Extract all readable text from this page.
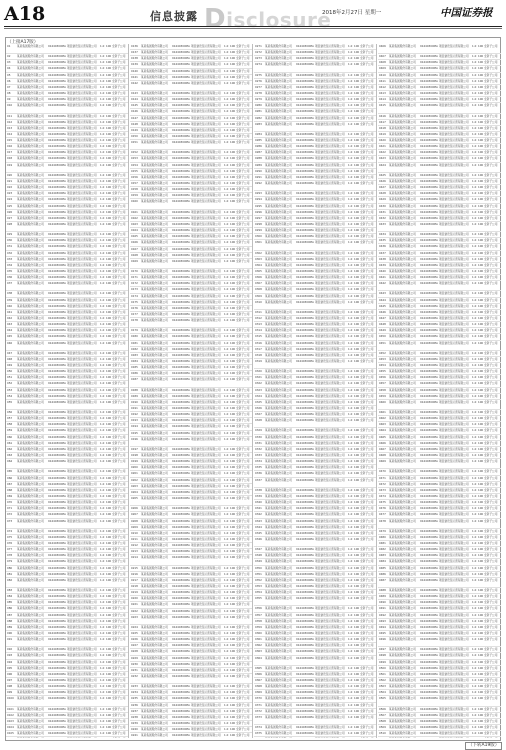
A18	信息披露 Disclosure
2018年2月27日 星期一	中国证券报
（上接A17版）
01	某某集团股份有限公司	91440300MA5 项目建设及运营有限公司	1.0 10 全资子公司
02	某某集团股份有限公司	91440300MA5 项目建设及运营有限公司	1.0 10 全资子公司
03	某某集团股份有限公司	91440300MA5 项目建设及运营有限公司	1.0 10 全资子公司
04	某某集团股份有限公司	91440300MA5 项目建设及运营有限公司	1.0 10 全资子公司
05	某某集团股份有限公司	91440300MA5 项目建设及运营有限公司	1.0 10 全资子公司
06	某某集团股份有限公司	91440300MA5 项目建设及运营有限公司	1.0 10 全资子公司
07	某某集团股份有限公司	91440300MA5 项目建设及运营有限公司	1.0 10 全资子公司
08	某某集团股份有限公司	91440300MA5 项目建设及运营有限公司	1.0 10 全资子公司
09	某某集团股份有限公司	91440300MA5 项目建设及运营有限公司	1.0 10 全资子公司
010	某某集团股份有限公司	91440300MA5 项目建设及运营有限公司	1.0 10 全资子公司
011	某某集团股份有限公司	91440300MA5 项目建设及运营有限公司	1.0 10 全资子公司
012	某某集团股份有限公司	91440300MA5 项目建设及运营有限公司	1.0 10 全资子公司
013	某某集团股份有限公司	91440300MA5 项目建设及运营有限公司	1.0 10 全资子公司
014	某某集团股份有限公司	91440300MA5 项目建设及运营有限公司	1.0 10 全资子公司
015	某某集团股份有限公司	91440300MA5 项目建设及运营有限公司	1.0 10 全资子公司
016	某某集团股份有限公司	91440300MA5 项目建设及运营有限公司	1.0 10 全资子公司
017	某某集团股份有限公司	91440300MA5 项目建设及运营有限公司	1.0 10 全资子公司
018	某某集团股份有限公司	91440300MA5 项目建设及运营有限公司	1.0 10 全资子公司
019	某某集团股份有限公司	91440300MA5 项目建设及运营有限公司	1.0 10 全资子公司
020	某某集团股份有限公司	91440300MA5 项目建设及运营有限公司	1.0 10 全资子公司
021	某某集团股份有限公司	91440300MA5 项目建设及运营有限公司	1.0 10 全资子公司
022	某某集团股份有限公司	91440300MA5 项目建设及运营有限公司	1.0 10 全资子公司
023	某某集团股份有限公司	91440300MA5 项目建设及运营有限公司	1.0 10 全资子公司
024	某某集团股份有限公司	91440300MA5 项目建设及运营有限公司	1.0 10 全资子公司
025	某某集团股份有限公司	91440300MA5 项目建设及运营有限公司	1.0 10 全资子公司
026	某某集团股份有限公司	91440300MA5 项目建设及运营有限公司	1.0 10 全资子公司
027	某某集团股份有限公司	91440300MA5 项目建设及运营有限公司	1.0 10 全资子公司
028	某某集团股份有限公司	91440300MA5 项目建设及运营有限公司	1.0 10 全资子公司
029	某某集团股份有限公司	91440300MA5 项目建设及运营有限公司	1.0 10 全资子公司
030	某某集团股份有限公司	91440300MA5 项目建设及运营有限公司	1.0 10 全资子公司
031	某某集团股份有限公司	91440300MA5 项目建设及运营有限公司	1.0 10 全资子公司
032	某某集团股份有限公司	91440300MA5 项目建设及运营有限公司	1.0 10 全资子公司
033	某某集团股份有限公司	91440300MA5 项目建设及运营有限公司	1.0 10 全资子公司
034	某某集团股份有限公司	91440300MA5 项目建设及运营有限公司	1.0 10 全资子公司
035	某某集团股份有限公司	91440300MA5 项目建设及运营有限公司	1.0 10 全资子公司
036	某某集团股份有限公司	91440300MA5 项目建设及运营有限公司	1.0 10 全资子公司
037	某某集团股份有限公司	91440300MA5 项目建设及运营有限公司	1.0 10 全资子公司
038	某某集团股份有限公司	91440300MA5 项目建设及运营有限公司	1.0 10 全资子公司
039	某某集团股份有限公司	91440300MA5 项目建设及运营有限公司	1.0 10 全资子公司
040	某某集团股份有限公司	91440300MA5 项目建设及运营有限公司	1.0 10 全资子公司
041	某某集团股份有限公司	91440300MA5 项目建设及运营有限公司	1.0 10 全资子公司
042	某某集团股份有限公司	91440300MA5 项目建设及运营有限公司	1.0 10 全资子公司
043	某某集团股份有限公司	91440300MA5 项目建设及运营有限公司	1.0 10 全资子公司
044	某某集团股份有限公司	91440300MA5 项目建设及运营有限公司	1.0 10 全资子公司
045	某某集团股份有限公司	91440300MA5 项目建设及运营有限公司	1.0 10 全资子公司
046	某某集团股份有限公司	91440300MA5 项目建设及运营有限公司	1.0 10 全资子公司
047	某某集团股份有限公司	91440300MA5 项目建设及运营有限公司	1.0 10 全资子公司
048	某某集团股份有限公司	91440300MA5 项目建设及运营有限公司	1.0 10 全资子公司
049	某某集团股份有限公司	91440300MA5 项目建设及运营有限公司	1.0 10 全资子公司
050	某某集团股份有限公司	91440300MA5 项目建设及运营有限公司	1.0 10 全资子公司
051	某某集团股份有限公司	91440300MA5 项目建设及运营有限公司	1.0 10 全资子公司
052	某某集团股份有限公司	91440300MA5 项目建设及运营有限公司	1.0 10 全资子公司
053	某某集团股份有限公司	91440300MA5 项目建设及运营有限公司	1.0 10 全资子公司
054	某某集团股份有限公司	91440300MA5 项目建设及运营有限公司	1.0 10 全资子公司
055	某某集团股份有限公司	91440300MA5 项目建设及运营有限公司	1.0 10 全资子公司
056	某某集团股份有限公司	91440300MA5 项目建设及运营有限公司	1.0 10 全资子公司
057	某某集团股份有限公司	91440300MA5 项目建设及运营有限公司	1.0 10 全资子公司
058	某某集团股份有限公司	91440300MA5 项目建设及运营有限公司	1.0 10 全资子公司
059	某某集团股份有限公司	91440300MA5 项目建设及运营有限公司	1.0 10 全资子公司
060	某某集团股份有限公司	91440300MA5 项目建设及运营有限公司	1.0 10 全资子公司
061	某某集团股份有限公司	91440300MA5 项目建设及运营有限公司	1.0 10 全资子公司
062	某某集团股份有限公司	91440300MA5 项目建设及运营有限公司	1.0 10 全资子公司
063	某某集团股份有限公司	91440300MA5 项目建设及运营有限公司	1.0 10 全资子公司
064	某某集团股份有限公司	91440300MA5 项目建设及运营有限公司	1.0 10 全资子公司
065	某某集团股份有限公司	91440300MA5 项目建设及运营有限公司	1.0 10 全资子公司
066	某某集团股份有限公司	91440300MA5 项目建设及运营有限公司	1.0 10 全资子公司
067	某某集团股份有限公司	91440300MA5 项目建设及运营有限公司	1.0 10 全资子公司
068	某某集团股份有限公司	91440300MA5 项目建设及运营有限公司	1.0 10 全资子公司
069	某某集团股份有限公司	91440300MA5 项目建设及运营有限公司	1.0 10 全资子公司
070	某某集团股份有限公司	91440300MA5 项目建设及运营有限公司	1.0 10 全资子公司
071	某某集团股份有限公司	91440300MA5 项目建设及运营有限公司	1.0 10 全资子公司
072	某某集团股份有限公司	91440300MA5 项目建设及运营有限公司	1.0 10 全资子公司
073	某某集团股份有限公司	91440300MA5 项目建设及运营有限公司	1.0 10 全资子公司
074	某某集团股份有限公司	91440300MA5 项目建设及运营有限公司	1.0 10 全资子公司
075	某某集团股份有限公司	91440300MA5 项目建设及运营有限公司	1.0 10 全资子公司
076	某某集团股份有限公司	91440300MA5 项目建设及运营有限公司	1.0 10 全资子公司
077	某某集团股份有限公司	91440300MA5 项目建设及运营有限公司	1.0 10 全资子公司
078	某某集团股份有限公司	91440300MA5 项目建设及运营有限公司	1.0 10 全资子公司
079	某某集团股份有限公司	91440300MA5 项目建设及运营有限公司	1.0 10 全资子公司
080	某某集团股份有限公司	91440300MA5 项目建设及运营有限公司	1.0 10 全资子公司
081	某某集团股份有限公司	91440300MA5 项目建设及运营有限公司	1.0 10 全资子公司
082	某某集团股份有限公司	91440300MA5 项目建设及运营有限公司	1.0 10 全资子公司
083	某某集团股份有限公司	91440300MA5 项目建设及运营有限公司	1.0 10 全资子公司
084	某某集团股份有限公司	91440300MA5 项目建设及运营有限公司	1.0 10 全资子公司
085	某某集团股份有限公司	91440300MA5 项目建设及运营有限公司	1.0 10 全资子公司
086	某某集团股份有限公司	91440300MA5 项目建设及运营有限公司	1.0 10 全资子公司
087	某某集团股份有限公司	91440300MA5 项目建设及运营有限公司	1.0 10 全资子公司
088	某某集团股份有限公司	91440300MA5 项目建设及运营有限公司	1.0 10 全资子公司
089	某某集团股份有限公司	91440300MA5 项目建设及运营有限公司	1.0 10 全资子公司
090	某某集团股份有限公司	91440300MA5 项目建设及运营有限公司	1.0 10 全资子公司
091	某某集团股份有限公司	91440300MA5 项目建设及运营有限公司	1.0 10 全资子公司
092	某某集团股份有限公司	91440300MA5 项目建设及运营有限公司	1.0 10 全资子公司
093	某某集团股份有限公司	91440300MA5 项目建设及运营有限公司	1.0 10 全资子公司
094	某某集团股份有限公司	91440300MA5 项目建设及运营有限公司	1.0 10 全资子公司
095	某某集团股份有限公司	91440300MA5 项目建设及运营有限公司	1.0 10 全资子公司
096	某某集团股份有限公司	91440300MA5 项目建设及运营有限公司	1.0 10 全资子公司
097	某某集团股份有限公司	91440300MA5 项目建设及运营有限公司	1.0 10 全资子公司
098	某某集团股份有限公司	91440300MA5 项目建设及运营有限公司	1.0 10 全资子公司
099	某某集团股份有限公司	91440300MA5 项目建设及运营有限公司	1.0 10 全资子公司
0100	某某集团股份有限公司	91440300MA5 项目建设及运营有限公司	1.0 10 全资子公司
0101	某某集团股份有限公司	91440300MA5 项目建设及运营有限公司	1.0 10 全资子公司
0102	某某集团股份有限公司	91440300MA5 项目建设及运营有限公司	1.0 10 全资子公司
0103	某某集团股份有限公司	91440300MA5 项目建设及运营有限公司	1.0 10 全资子公司
0104	某某集团股份有限公司	91440300MA5 项目建设及运营有限公司	1.0 10 全资子公司
0105	某某集团股份有限公司	91440300MA5 项目建设及运营有限公司	1.0 10 全资子公司
0136	某某集团股份有限公司	91440300MA5 项目建设及运营有限公司	1.0 10 全资子公司
0137	某某集团股份有限公司	91440300MA5 项目建设及运营有限公司	1.0 10 全资子公司
0138	某某集团股份有限公司	91440300MA5 项目建设及运营有限公司	1.0 10 全资子公司
0139	某某集团股份有限公司	91440300MA5 项目建设及运营有限公司	1.0 10 全资子公司
0140	某某集团股份有限公司	91440300MA5 项目建设及运营有限公司	1.0 10 全资子公司
0141	某某集团股份有限公司	91440300MA5 项目建设及运营有限公司	1.0 10 全资子公司
0142	某某集团股份有限公司	91440300MA5 项目建设及运营有限公司	1.0 10 全资子公司
0143	某某集团股份有限公司	91440300MA5 项目建设及运营有限公司	1.0 10 全资子公司
0144	某某集团股份有限公司	91440300MA5 项目建设及运营有限公司	1.0 10 全资子公司
0145	某某集团股份有限公司	91440300MA5 项目建设及运营有限公司	1.0 10 全资子公司
0146	某某集团股份有限公司	91440300MA5 项目建设及运营有限公司	1.0 10 全资子公司
0147	某某集团股份有限公司	91440300MA5 项目建设及运营有限公司	1.0 10 全资子公司
0148	某某集团股份有限公司	91440300MA5 项目建设及运营有限公司	1.0 10 全资子公司
0149	某某集团股份有限公司	91440300MA5 项目建设及运营有限公司	1.0 10 全资子公司
0150	某某集团股份有限公司	91440300MA5 项目建设及运营有限公司	1.0 10 全资子公司
0151	某某集团股份有限公司	91440300MA5 项目建设及运营有限公司	1.0 10 全资子公司
0152	某某集团股份有限公司	91440300MA5 项目建设及运营有限公司	1.0 10 全资子公司
0153	某某集团股份有限公司	91440300MA5 项目建设及运营有限公司	1.0 10 全资子公司
0154	某某集团股份有限公司	91440300MA5 项目建设及运营有限公司	1.0 10 全资子公司
0155	某某集团股份有限公司	91440300MA5 项目建设及运营有限公司	1.0 10 全资子公司
0156	某某集团股份有限公司	91440300MA5 项目建设及运营有限公司	1.0 10 全资子公司
0157	某某集团股份有限公司	91440300MA5 项目建设及运营有限公司	1.0 10 全资子公司
0158	某某集团股份有限公司	91440300MA5 项目建设及运营有限公司	1.0 10 全资子公司
0159	某某集团股份有限公司	91440300MA5 项目建设及运营有限公司	1.0 10 全资子公司
0160	某某集团股份有限公司	91440300MA5 项目建设及运营有限公司	1.0 10 全资子公司
0161	某某集团股份有限公司	91440300MA5 项目建设及运营有限公司	1.0 10 全资子公司
0162	某某集团股份有限公司	91440300MA5 项目建设及运营有限公司	1.0 10 全资子公司
0163	某某集团股份有限公司	91440300MA5 项目建设及运营有限公司	1.0 10 全资子公司
0164	某某集团股份有限公司	91440300MA5 项目建设及运营有限公司	1.0 10 全资子公司
0165	某某集团股份有限公司	91440300MA5 项目建设及运营有限公司	1.0 10 全资子公司
0166	某某集团股份有限公司	91440300MA5 项目建设及运营有限公司	1.0 10 全资子公司
0167	某某集团股份有限公司	91440300MA5 项目建设及运营有限公司	1.0 10 全资子公司
0168	某某集团股份有限公司	91440300MA5 项目建设及运营有限公司	1.0 10 全资子公司
0169	某某集团股份有限公司	91440300MA5 项目建设及运营有限公司	1.0 10 全资子公司
0170	某某集团股份有限公司	91440300MA5 项目建设及运营有限公司	1.0 10 全资子公司
0171	某某集团股份有限公司	91440300MA5 项目建设及运营有限公司	1.0 10 全资子公司
0172	某某集团股份有限公司	91440300MA5 项目建设及运营有限公司	1.0 10 全资子公司
0173	某某集团股份有限公司	91440300MA5 项目建设及运营有限公司	1.0 10 全资子公司
0174	某某集团股份有限公司	91440300MA5 项目建设及运营有限公司	1.0 10 全资子公司
0175	某某集团股份有限公司	91440300MA5 项目建设及运营有限公司	1.0 10 全资子公司
0176	某某集团股份有限公司	91440300MA5 项目建设及运营有限公司	1.0 10 全资子公司
0177	某某集团股份有限公司	91440300MA5 项目建设及运营有限公司	1.0 10 全资子公司
0178	某某集团股份有限公司	91440300MA5 项目建设及运营有限公司	1.0 10 全资子公司
0179	某某集团股份有限公司	91440300MA5 项目建设及运营有限公司	1.0 10 全资子公司
0180	某某集团股份有限公司	91440300MA5 项目建设及运营有限公司	1.0 10 全资子公司
0181	某某集团股份有限公司	91440300MA5 项目建设及运营有限公司	1.0 10 全资子公司
0182	某某集团股份有限公司	91440300MA5 项目建设及运营有限公司	1.0 10 全资子公司
0183	某某集团股份有限公司	91440300MA5 项目建设及运营有限公司	1.0 10 全资子公司
0184	某某集团股份有限公司	91440300MA5 项目建设及运营有限公司	1.0 10 全资子公司
0185	某某集团股份有限公司	91440300MA5 项目建设及运营有限公司	1.0 10 全资子公司
0186	某某集团股份有限公司	91440300MA5 项目建设及运营有限公司	1.0 10 全资子公司
0187	某某集团股份有限公司	91440300MA5 项目建设及运营有限公司	1.0 10 全资子公司
0188	某某集团股份有限公司	91440300MA5 项目建设及运营有限公司	1.0 10 全资子公司
0189	某某集团股份有限公司	91440300MA5 项目建设及运营有限公司	1.0 10 全资子公司
0190	某某集团股份有限公司	91440300MA5 项目建设及运营有限公司	1.0 10 全资子公司
0191	某某集团股份有限公司	91440300MA5 项目建设及运营有限公司	1.0 10 全资子公司
0192	某某集团股份有限公司	91440300MA5 项目建设及运营有限公司	1.0 10 全资子公司
0193	某某集团股份有限公司	91440300MA5 项目建设及运营有限公司	1.0 10 全资子公司
0194	某某集团股份有限公司	91440300MA5 项目建设及运营有限公司	1.0 10 全资子公司
0195	某某集团股份有限公司	91440300MA5 项目建设及运营有限公司	1.0 10 全资子公司
0196	某某集团股份有限公司	91440300MA5 项目建设及运营有限公司	1.0 10 全资子公司
0197	某某集团股份有限公司	91440300MA5 项目建设及运营有限公司	1.0 10 全资子公司
0198	某某集团股份有限公司	91440300MA5 项目建设及运营有限公司	1.0 10 全资子公司
0199	某某集团股份有限公司	91440300MA5 项目建设及运营有限公司	1.0 10 全资子公司
0200	某某集团股份有限公司	91440300MA5 项目建设及运营有限公司	1.0 10 全资子公司
0201	某某集团股份有限公司	91440300MA5 项目建设及运营有限公司	1.0 10 全资子公司
0202	某某集团股份有限公司	91440300MA5 项目建设及运营有限公司	1.0 10 全资子公司
0203	某某集团股份有限公司	91440300MA5 项目建设及运营有限公司	1.0 10 全资子公司
0204	某某集团股份有限公司	91440300MA5 项目建设及运营有限公司	1.0 10 全资子公司
0205	某某集团股份有限公司	91440300MA5 项目建设及运营有限公司	1.0 10 全资子公司
0206	某某集团股份有限公司	91440300MA5 项目建设及运营有限公司	1.0 10 全资子公司
0207	某某集团股份有限公司	91440300MA5 项目建设及运营有限公司	1.0 10 全资子公司
0208	某某集团股份有限公司	91440300MA5 项目建设及运营有限公司	1.0 10 全资子公司
0209	某某集团股份有限公司	91440300MA5 项目建设及运营有限公司	1.0 10 全资子公司
0210	某某集团股份有限公司	91440300MA5 项目建设及运营有限公司	1.0 10 全资子公司
0211	某某集团股份有限公司	91440300MA5 项目建设及运营有限公司	1.0 10 全资子公司
0212	某某集团股份有限公司	91440300MA5 项目建设及运营有限公司	1.0 10 全资子公司
0213	某某集团股份有限公司	91440300MA5 项目建设及运营有限公司	1.0 10 全资子公司
0214	某某集团股份有限公司	91440300MA5 项目建设及运营有限公司	1.0 10 全资子公司
0215	某某集团股份有限公司	91440300MA5 项目建设及运营有限公司	1.0 10 全资子公司
0216	某某集团股份有限公司	91440300MA5 项目建设及运营有限公司	1.0 10 全资子公司
0217	某某集团股份有限公司	91440300MA5 项目建设及运营有限公司	1.0 10 全资子公司
0218	某某集团股份有限公司	91440300MA5 项目建设及运营有限公司	1.0 10 全资子公司
0219	某某集团股份有限公司	91440300MA5 项目建设及运营有限公司	1.0 10 全资子公司
0220	某某集团股份有限公司	91440300MA5 项目建设及运营有限公司	1.0 10 全资子公司
0221	某某集团股份有限公司	91440300MA5 项目建设及运营有限公司	1.0 10 全资子公司
0222	某某集团股份有限公司	91440300MA5 项目建设及运营有限公司	1.0 10 全资子公司
0223	某某集团股份有限公司	91440300MA5 项目建设及运营有限公司	1.0 10 全资子公司
0224	某某集团股份有限公司	91440300MA5 项目建设及运营有限公司	1.0 10 全资子公司
0225	某某集团股份有限公司	91440300MA5 项目建设及运营有限公司	1.0 10 全资子公司
0226	某某集团股份有限公司	91440300MA5 项目建设及运营有限公司	1.0 10 全资子公司
0227	某某集团股份有限公司	91440300MA5 项目建设及运营有限公司	1.0 10 全资子公司
0228	某某集团股份有限公司	91440300MA5 项目建设及运营有限公司	1.0 10 全资子公司
0229	某某集团股份有限公司	91440300MA5 项目建设及运营有限公司	1.0 10 全资子公司
0230	某某集团股份有限公司	91440300MA5 项目建设及运营有限公司	1.0 10 全资子公司
0231	某某集团股份有限公司	91440300MA5 项目建设及运营有限公司	1.0 10 全资子公司
0232	某某集团股份有限公司	91440300MA5 项目建设及运营有限公司	1.0 10 全资子公司
0233	某某集团股份有限公司	91440300MA5 项目建设及运营有限公司	1.0 10 全资子公司
0234	某某集团股份有限公司	91440300MA5 项目建设及运营有限公司	1.0 10 全资子公司
0235	某某集团股份有限公司	91440300MA5 项目建设及运营有限公司	1.0 10 全资子公司
0236	某某集团股份有限公司	91440300MA5 项目建设及运营有限公司	1.0 10 全资子公司
0237	某某集团股份有限公司	91440300MA5 项目建设及运营有限公司	1.0 10 全资子公司
0238	某某集团股份有限公司	91440300MA5 项目建设及运营有限公司	1.0 10 全资子公司
0239	某某集团股份有限公司	91440300MA5 项目建设及运营有限公司	1.0 10 全资子公司
0240	某某集团股份有限公司	91440300MA5 项目建设及运营有限公司	1.0 10 全资子公司
0241	某某集团股份有限公司	91440300MA5 项目建设及运营有限公司	1.0 10 全资子公司
0271	某某集团股份有限公司	91440300MA5 项目建设及运营有限公司	1.0 10 全资子公司
0272	某某集团股份有限公司	91440300MA5 项目建设及运营有限公司	1.0 10 全资子公司
0273	某某集团股份有限公司	91440300MA5 项目建设及运营有限公司	1.0 10 全资子公司
0274	某某集团股份有限公司	91440300MA5 项目建设及运营有限公司	1.0 10 全资子公司
0275	某某集团股份有限公司	91440300MA5 项目建设及运营有限公司	1.0 10 全资子公司
0276	某某集团股份有限公司	91440300MA5 项目建设及运营有限公司	1.0 10 全资子公司
0277	某某集团股份有限公司	91440300MA5 项目建设及运营有限公司	1.0 10 全资子公司
0278	某某集团股份有限公司	91440300MA5 项目建设及运营有限公司	1.0 10 全资子公司
0279	某某集团股份有限公司	91440300MA5 项目建设及运营有限公司	1.0 10 全资子公司
0280	某某集团股份有限公司	91440300MA5 项目建设及运营有限公司	1.0 10 全资子公司
0281	某某集团股份有限公司	91440300MA5 项目建设及运营有限公司	1.0 10 全资子公司
0282	某某集团股份有限公司	91440300MA5 项目建设及运营有限公司	1.0 10 全资子公司
0283	某某集团股份有限公司	91440300MA5 项目建设及运营有限公司	1.0 10 全资子公司
0284	某某集团股份有限公司	91440300MA5 项目建设及运营有限公司	1.0 10 全资子公司
0285	某某集团股份有限公司	91440300MA5 项目建设及运营有限公司	1.0 10 全资子公司
0286	某某集团股份有限公司	91440300MA5 项目建设及运营有限公司	1.0 10 全资子公司
0287	某某集团股份有限公司	91440300MA5 项目建设及运营有限公司	1.0 10 全资子公司
0288	某某集团股份有限公司	91440300MA5 项目建设及运营有限公司	1.0 10 全资子公司
0289	某某集团股份有限公司	91440300MA5 项目建设及运营有限公司	1.0 10 全资子公司
0290	某某集团股份有限公司	91440300MA5 项目建设及运营有限公司	1.0 10 全资子公司
0291	某某集团股份有限公司	91440300MA5 项目建设及运营有限公司	1.0 10 全资子公司
0292	某某集团股份有限公司	91440300MA5 项目建设及运营有限公司	1.0 10 全资子公司
0293	某某集团股份有限公司	91440300MA5 项目建设及运营有限公司	1.0 10 全资子公司
0294	某某集团股份有限公司	91440300MA5 项目建设及运营有限公司	1.0 10 全资子公司
0295	某某集团股份有限公司	91440300MA5 项目建设及运营有限公司	1.0 10 全资子公司
0296	某某集团股份有限公司	91440300MA5 项目建设及运营有限公司	1.0 10 全资子公司
0297	某某集团股份有限公司	91440300MA5 项目建设及运营有限公司	1.0 10 全资子公司
0298	某某集团股份有限公司	91440300MA5 项目建设及运营有限公司	1.0 10 全资子公司
0299	某某集团股份有限公司	91440300MA5 项目建设及运营有限公司	1.0 10 全资子公司
0300	某某集团股份有限公司	91440300MA5 项目建设及运营有限公司	1.0 10 全资子公司
0301	某某集团股份有限公司	91440300MA5 项目建设及运营有限公司	1.0 10 全资子公司
0302	某某集团股份有限公司	91440300MA5 项目建设及运营有限公司	1.0 10 全资子公司
0303	某某集团股份有限公司	91440300MA5 项目建设及运营有限公司	1.0 10 全资子公司
0304	某某集团股份有限公司	91440300MA5 项目建设及运营有限公司	1.0 10 全资子公司
0305	某某集团股份有限公司	91440300MA5 项目建设及运营有限公司	1.0 10 全资子公司
0306	某某集团股份有限公司	91440300MA5 项目建设及运营有限公司	1.0 10 全资子公司
0307	某某集团股份有限公司	91440300MA5 项目建设及运营有限公司	1.0 10 全资子公司
0308	某某集团股份有限公司	91440300MA5 项目建设及运营有限公司	1.0 10 全资子公司
0309	某某集团股份有限公司	91440300MA5 项目建设及运营有限公司	1.0 10 全资子公司
0310	某某集团股份有限公司	91440300MA5 项目建设及运营有限公司	1.0 10 全资子公司
0311	某某集团股份有限公司	91440300MA5 项目建设及运营有限公司	1.0 10 全资子公司
0312	某某集团股份有限公司	91440300MA5 项目建设及运营有限公司	1.0 10 全资子公司
0313	某某集团股份有限公司	91440300MA5 项目建设及运营有限公司	1.0 10 全资子公司
0314	某某集团股份有限公司	91440300MA5 项目建设及运营有限公司	1.0 10 全资子公司
0315	某某集团股份有限公司	91440300MA5 项目建设及运营有限公司	1.0 10 全资子公司
0316	某某集团股份有限公司	91440300MA5 项目建设及运营有限公司	1.0 10 全资子公司
0317	某某集团股份有限公司	91440300MA5 项目建设及运营有限公司	1.0 10 全资子公司
0318	某某集团股份有限公司	91440300MA5 项目建设及运营有限公司	1.0 10 全资子公司
0319	某某集团股份有限公司	91440300MA5 项目建设及运营有限公司	1.0 10 全资子公司
0320	某某集团股份有限公司	91440300MA5 项目建设及运营有限公司	1.0 10 全资子公司
0321	某某集团股份有限公司	91440300MA5 项目建设及运营有限公司	1.0 10 全资子公司
0322	某某集团股份有限公司	91440300MA5 项目建设及运营有限公司	1.0 10 全资子公司
0323	某某集团股份有限公司	91440300MA5 项目建设及运营有限公司	1.0 10 全资子公司
0324	某某集团股份有限公司	91440300MA5 项目建设及运营有限公司	1.0 10 全资子公司
0325	某某集团股份有限公司	91440300MA5 项目建设及运营有限公司	1.0 10 全资子公司
0326	某某集团股份有限公司	91440300MA5 项目建设及运营有限公司	1.0 10 全资子公司
0327	某某集团股份有限公司	91440300MA5 项目建设及运营有限公司	1.0 10 全资子公司
0328	某某集团股份有限公司	91440300MA5 项目建设及运营有限公司	1.0 10 全资子公司
0329	某某集团股份有限公司	91440300MA5 项目建设及运营有限公司	1.0 10 全资子公司
0330	某某集团股份有限公司	91440300MA5 项目建设及运营有限公司	1.0 10 全资子公司
0331	某某集团股份有限公司	91440300MA5 项目建设及运营有限公司	1.0 10 全资子公司
0332	某某集团股份有限公司	91440300MA5 项目建设及运营有限公司	1.0 10 全资子公司
0333	某某集团股份有限公司	91440300MA5 项目建设及运营有限公司	1.0 10 全资子公司
0334	某某集团股份有限公司	91440300MA5 项目建设及运营有限公司	1.0 10 全资子公司
0335	某某集团股份有限公司	91440300MA5 项目建设及运营有限公司	1.0 10 全资子公司
0336	某某集团股份有限公司	91440300MA5 项目建设及运营有限公司	1.0 10 全资子公司
0337	某某集团股份有限公司	91440300MA5 项目建设及运营有限公司	1.0 10 全资子公司
0338	某某集团股份有限公司	91440300MA5 项目建设及运营有限公司	1.0 10 全资子公司
0339	某某集团股份有限公司	91440300MA5 项目建设及运营有限公司	1.0 10 全资子公司
0340	某某集团股份有限公司	91440300MA5 项目建设及运营有限公司	1.0 10 全资子公司
0341	某某集团股份有限公司	91440300MA5 项目建设及运营有限公司	1.0 10 全资子公司
0342	某某集团股份有限公司	91440300MA5 项目建设及运营有限公司	1.0 10 全资子公司
0343	某某集团股份有限公司	91440300MA5 项目建设及运营有限公司	1.0 10 全资子公司
0344	某某集团股份有限公司	91440300MA5 项目建设及运营有限公司	1.0 10 全资子公司
0345	某某集团股份有限公司	91440300MA5 项目建设及运营有限公司	1.0 10 全资子公司
0346	某某集团股份有限公司	91440300MA5 项目建设及运营有限公司	1.0 10 全资子公司
0347	某某集团股份有限公司	91440300MA5 项目建设及运营有限公司	1.0 10 全资子公司
0348	某某集团股份有限公司	91440300MA5 项目建设及运营有限公司	1.0 10 全资子公司
0349	某某集团股份有限公司	91440300MA5 项目建设及运营有限公司	1.0 10 全资子公司
0350	某某集团股份有限公司	91440300MA5 项目建设及运营有限公司	1.0 10 全资子公司
0351	某某集团股份有限公司	91440300MA5 项目建设及运营有限公司	1.0 10 全资子公司
0352	某某集团股份有限公司	91440300MA5 项目建设及运营有限公司	1.0 10 全资子公司
0353	某某集团股份有限公司	91440300MA5 项目建设及运营有限公司	1.0 10 全资子公司
0354	某某集团股份有限公司	91440300MA5 项目建设及运营有限公司	1.0 10 全资子公司
0355	某某集团股份有限公司	91440300MA5 项目建设及运营有限公司	1.0 10 全资子公司
0356	某某集团股份有限公司	91440300MA5 项目建设及运营有限公司	1.0 10 全资子公司
0357	某某集团股份有限公司	91440300MA5 项目建设及运营有限公司	1.0 10 全资子公司
0358	某某集团股份有限公司	91440300MA5 项目建设及运营有限公司	1.0 10 全资子公司
0359	某某集团股份有限公司	91440300MA5 项目建设及运营有限公司	1.0 10 全资子公司
0360	某某集团股份有限公司	91440300MA5 项目建设及运营有限公司	1.0 10 全资子公司
0361	某某集团股份有限公司	91440300MA5 项目建设及运营有限公司	1.0 10 全资子公司
0362	某某集团股份有限公司	91440300MA5 项目建设及运营有限公司	1.0 10 全资子公司
0363	某某集团股份有限公司	91440300MA5 项目建设及运营有限公司	1.0 10 全资子公司
0364	某某集团股份有限公司	91440300MA5 项目建设及运营有限公司	1.0 10 全资子公司
0365	某某集团股份有限公司	91440300MA5 项目建设及运营有限公司	1.0 10 全资子公司
0366	某某集团股份有限公司	91440300MA5 项目建设及运营有限公司	1.0 10 全资子公司
0367	某某集团股份有限公司	91440300MA5 项目建设及运营有限公司	1.0 10 全资子公司
0368	某某集团股份有限公司	91440300MA5 项目建设及运营有限公司	1.0 10 全资子公司
0369	某某集团股份有限公司	91440300MA5 项目建设及运营有限公司	1.0 10 全资子公司
0370	某某集团股份有限公司	91440300MA5 项目建设及运营有限公司	1.0 10 全资子公司
0371	某某集团股份有限公司	91440300MA5 项目建设及运营有限公司	1.0 10 全资子公司
0372	某某集团股份有限公司	91440300MA5 项目建设及运营有限公司	1.0 10 全资子公司
0373	某某集团股份有限公司	91440300MA5 项目建设及运营有限公司	1.0 10 全资子公司
0374	某某集团股份有限公司	91440300MA5 项目建设及运营有限公司	1.0 10 全资子公司
0375	某某集团股份有限公司	91440300MA5 项目建设及运营有限公司	1.0 10 全资子公司
0406	某某集团股份有限公司	91440300MA5 项目建设及运营有限公司	1.0 10 全资子公司
0407	某某集团股份有限公司	91440300MA5 项目建设及运营有限公司	1.0 10 全资子公司
0408	某某集团股份有限公司	91440300MA5 项目建设及运营有限公司	1.0 10 全资子公司
0409	某某集团股份有限公司	91440300MA5 项目建设及运营有限公司	1.0 10 全资子公司
0410	某某集团股份有限公司	91440300MA5 项目建设及运营有限公司	1.0 10 全资子公司
0411	某某集团股份有限公司	91440300MA5 项目建设及运营有限公司	1.0 10 全资子公司
0412	某某集团股份有限公司	91440300MA5 项目建设及运营有限公司	1.0 10 全资子公司
0413	某某集团股份有限公司	91440300MA5 项目建设及运营有限公司	1.0 10 全资子公司
0414	某某集团股份有限公司	91440300MA5 项目建设及运营有限公司	1.0 10 全资子公司
0415	某某集团股份有限公司	91440300MA5 项目建设及运营有限公司	1.0 10 全资子公司
0416	某某集团股份有限公司	91440300MA5 项目建设及运营有限公司	1.0 10 全资子公司
0417	某某集团股份有限公司	91440300MA5 项目建设及运营有限公司	1.0 10 全资子公司
0418	某某集团股份有限公司	91440300MA5 项目建设及运营有限公司	1.0 10 全资子公司
0419	某某集团股份有限公司	91440300MA5 项目建设及运营有限公司	1.0 10 全资子公司
0420	某某集团股份有限公司	91440300MA5 项目建设及运营有限公司	1.0 10 全资子公司
0421	某某集团股份有限公司	91440300MA5 项目建设及运营有限公司	1.0 10 全资子公司
0422	某某集团股份有限公司	91440300MA5 项目建设及运营有限公司	1.0 10 全资子公司
0423	某某集团股份有限公司	91440300MA5 项目建设及运营有限公司	1.0 10 全资子公司
0424	某某集团股份有限公司	91440300MA5 项目建设及运营有限公司	1.0 10 全资子公司
0425	某某集团股份有限公司	91440300MA5 项目建设及运营有限公司	1.0 10 全资子公司
0426	某某集团股份有限公司	91440300MA5 项目建设及运营有限公司	1.0 10 全资子公司
0427	某某集团股份有限公司	91440300MA5 项目建设及运营有限公司	1.0 10 全资子公司
0428	某某集团股份有限公司	91440300MA5 项目建设及运营有限公司	1.0 10 全资子公司
0429	某某集团股份有限公司	91440300MA5 项目建设及运营有限公司	1.0 10 全资子公司
0430	某某集团股份有限公司	91440300MA5 项目建设及运营有限公司	1.0 10 全资子公司
0431	某某集团股份有限公司	91440300MA5 项目建设及运营有限公司	1.0 10 全资子公司
0432	某某集团股份有限公司	91440300MA5 项目建设及运营有限公司	1.0 10 全资子公司
0433	某某集团股份有限公司	91440300MA5 项目建设及运营有限公司	1.0 10 全资子公司
0434	某某集团股份有限公司	91440300MA5 项目建设及运营有限公司	1.0 10 全资子公司
0435	某某集团股份有限公司	91440300MA5 项目建设及运营有限公司	1.0 10 全资子公司
0436	某某集团股份有限公司	91440300MA5 项目建设及运营有限公司	1.0 10 全资子公司
0437	某某集团股份有限公司	91440300MA5 项目建设及运营有限公司	1.0 10 全资子公司
0438	某某集团股份有限公司	91440300MA5 项目建设及运营有限公司	1.0 10 全资子公司
0439	某某集团股份有限公司	91440300MA5 项目建设及运营有限公司	1.0 10 全资子公司
0440	某某集团股份有限公司	91440300MA5 项目建设及运营有限公司	1.0 10 全资子公司
0441	某某集团股份有限公司	91440300MA5 项目建设及运营有限公司	1.0 10 全资子公司
0442	某某集团股份有限公司	91440300MA5 项目建设及运营有限公司	1.0 10 全资子公司
0443	某某集团股份有限公司	91440300MA5 项目建设及运营有限公司	1.0 10 全资子公司
0444	某某集团股份有限公司	91440300MA5 项目建设及运营有限公司	1.0 10 全资子公司
0445	某某集团股份有限公司	91440300MA5 项目建设及运营有限公司	1.0 10 全资子公司
0446	某某集团股份有限公司	91440300MA5 项目建设及运营有限公司	1.0 10 全资子公司
0447	某某集团股份有限公司	91440300MA5 项目建设及运营有限公司	1.0 10 全资子公司
0448	某某集团股份有限公司	91440300MA5 项目建设及运营有限公司	1.0 10 全资子公司
0449	某某集团股份有限公司	91440300MA5 项目建设及运营有限公司	1.0 10 全资子公司
0450	某某集团股份有限公司	91440300MA5 项目建设及运营有限公司	1.0 10 全资子公司
0451	某某集团股份有限公司	91440300MA5 项目建设及运营有限公司	1.0 10 全资子公司
0452	某某集团股份有限公司	91440300MA5 项目建设及运营有限公司	1.0 10 全资子公司
0453	某某集团股份有限公司	91440300MA5 项目建设及运营有限公司	1.0 10 全资子公司
0454	某某集团股份有限公司	91440300MA5 项目建设及运营有限公司	1.0 10 全资子公司
0455	某某集团股份有限公司	91440300MA5 项目建设及运营有限公司	1.0 10 全资子公司
0456	某某集团股份有限公司	91440300MA5 项目建设及运营有限公司	1.0 10 全资子公司
0457	某某集团股份有限公司	91440300MA5 项目建设及运营有限公司	1.0 10 全资子公司
0458	某某集团股份有限公司	91440300MA5 项目建设及运营有限公司	1.0 10 全资子公司
0459	某某集团股份有限公司	91440300MA5 项目建设及运营有限公司	1.0 10 全资子公司
0460	某某集团股份有限公司	91440300MA5 项目建设及运营有限公司	1.0 10 全资子公司
0461	某某集团股份有限公司	91440300MA5 项目建设及运营有限公司	1.0 10 全资子公司
0462	某某集团股份有限公司	91440300MA5 项目建设及运营有限公司	1.0 10 全资子公司
0463	某某集团股份有限公司	91440300MA5 项目建设及运营有限公司	1.0 10 全资子公司
0464	某某集团股份有限公司	91440300MA5 项目建设及运营有限公司	1.0 10 全资子公司
0465	某某集团股份有限公司	91440300MA5 项目建设及运营有限公司	1.0 10 全资子公司
0466	某某集团股份有限公司	91440300MA5 项目建设及运营有限公司	1.0 10 全资子公司
0467	某某集团股份有限公司	91440300MA5 项目建设及运营有限公司	1.0 10 全资子公司
0468	某某集团股份有限公司	91440300MA5 项目建设及运营有限公司	1.0 10 全资子公司
0469	某某集团股份有限公司	91440300MA5 项目建设及运营有限公司	1.0 10 全资子公司
0470	某某集团股份有限公司	91440300MA5 项目建设及运营有限公司	1.0 10 全资子公司
0471	某某集团股份有限公司	91440300MA5 项目建设及运营有限公司	1.0 10 全资子公司
0472	某某集团股份有限公司	91440300MA5 项目建设及运营有限公司	1.0 10 全资子公司
0473	某某集团股份有限公司	91440300MA5 项目建设及运营有限公司	1.0 10 全资子公司
0474	某某集团股份有限公司	91440300MA5 项目建设及运营有限公司	1.0 10 全资子公司
0475	某某集团股份有限公司	91440300MA5 项目建设及运营有限公司	1.0 10 全资子公司
0476	某某集团股份有限公司	91440300MA5 项目建设及运营有限公司	1.0 10 全资子公司
0477	某某集团股份有限公司	91440300MA5 项目建设及运营有限公司	1.0 10 全资子公司
0478	某某集团股份有限公司	91440300MA5 项目建设及运营有限公司	1.0 10 全资子公司
0479	某某集团股份有限公司	91440300MA5 项目建设及运营有限公司	1.0 10 全资子公司
0480	某某集团股份有限公司	91440300MA5 项目建设及运营有限公司	1.0 10 全资子公司
0481	某某集团股份有限公司	91440300MA5 项目建设及运营有限公司	1.0 10 全资子公司
0482	某某集团股份有限公司	91440300MA5 项目建设及运营有限公司	1.0 10 全资子公司
0483	某某集团股份有限公司	91440300MA5 项目建设及运营有限公司	1.0 10 全资子公司
0484	某某集团股份有限公司	91440300MA5 项目建设及运营有限公司	1.0 10 全资子公司
0485	某某集团股份有限公司	91440300MA5 项目建设及运营有限公司	1.0 10 全资子公司
0486	某某集团股份有限公司	91440300MA5 项目建设及运营有限公司	1.0 10 全资子公司
0487	某某集团股份有限公司	91440300MA5 项目建设及运营有限公司	1.0 10 全资子公司
0488	某某集团股份有限公司	91440300MA5 项目建设及运营有限公司	1.0 10 全资子公司
0489	某某集团股份有限公司	91440300MA5 项目建设及运营有限公司	1.0 10 全资子公司
0490	某某集团股份有限公司	91440300MA5 项目建设及运营有限公司	1.0 10 全资子公司
0491	某某集团股份有限公司	91440300MA5 项目建设及运营有限公司	1.0 10 全资子公司
0492	某某集团股份有限公司	91440300MA5 项目建设及运营有限公司	1.0 10 全资子公司
0493	某某集团股份有限公司	91440300MA5 项目建设及运营有限公司	1.0 10 全资子公司
0494	某某集团股份有限公司	91440300MA5 项目建设及运营有限公司	1.0 10 全资子公司
0495	某某集团股份有限公司	91440300MA5 项目建设及运营有限公司	1.0 10 全资子公司
0496	某某集团股份有限公司	91440300MA5 项目建设及运营有限公司	1.0 10 全资子公司
0497	某某集团股份有限公司	91440300MA5 项目建设及运营有限公司	1.0 10 全资子公司
0498	某某集团股份有限公司	91440300MA5 项目建设及运营有限公司	1.0 10 全资子公司
0499	某某集团股份有限公司	91440300MA5 项目建设及运营有限公司	1.0 10 全资子公司
0500	某某集团股份有限公司	91440300MA5 项目建设及运营有限公司	1.0 10 全资子公司
0501	某某集团股份有限公司	91440300MA5 项目建设及运营有限公司	1.0 10 全资子公司
0502	某某集团股份有限公司	91440300MA5 项目建设及运营有限公司	1.0 10 全资子公司
0503	某某集团股份有限公司	91440300MA5 项目建设及运营有限公司	1.0 10 全资子公司
0504	某某集团股份有限公司	91440300MA5 项目建设及运营有限公司	1.0 10 全资子公司
0505	某某集团股份有限公司	91440300MA5 项目建设及运营有限公司	1.0 10 全资子公司
0506	某某集团股份有限公司	91440300MA5 项目建设及运营有限公司	1.0 10 全资子公司
0507	某某集团股份有限公司	91440300MA5 项目建设及运营有限公司	1.0 10 全资子公司
0508	某某集团股份有限公司	91440300MA5 项目建设及运营有限公司	1.0 10 全资子公司
0509	某某集团股份有限公司	91440300MA5 项目建设及运营有限公司	1.0 10 全资子公司
0510	某某集团股份有限公司	91440300MA5 项目建设及运营有限公司	1.0 10 全资子公司
（下转A19版）
